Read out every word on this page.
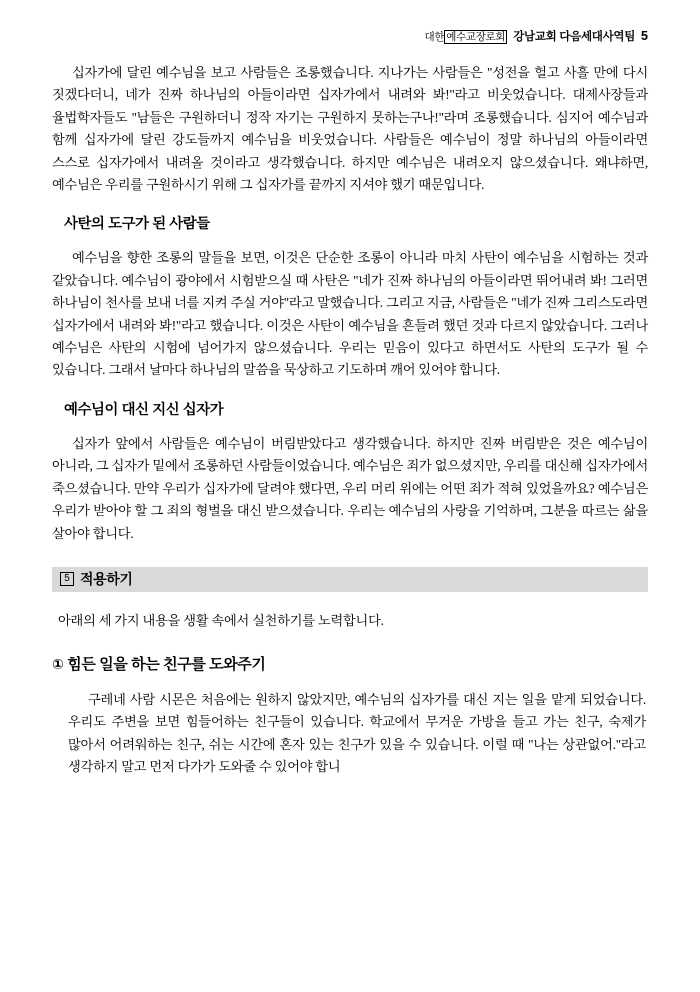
대한 예수교장로회 강남교회 다음세대사역팀 5

십자가에 달린 예수님을 보고 사람들은 조롱했습니다. 지나가는 사람들은 "성전을 헐고 사흘 만에 다시 짓겠다더니, 네가 진짜 하나님의 아들이라면 십자가에서 내려와 봐!"라고 비웃었습니다. 대제사장들과 율법학자들도 "남들은 구원하더니 정작 자기는 구원하지 못하는구나!"라며 조롱했습니다. 심지어 예수님과 함께 십자가에 달린 강도들까지 예수님을 비웃었습니다. 사람들은 예수님이 정말 하나님의 아들이라면 스스로 십자가에서 내려올 것이라고 생각했습니다. 하지만 예수님은 내려오지 않으셨습니다. 왜냐하면, 예수님은 우리를 구원하시기 위해 그 십자가를 끝까지 지셔야 했기 때문입니다.

사탄의 도구가 된 사람들

예수님을 향한 조롱의 말들을 보면, 이것은 단순한 조롱이 아니라 마치 사탄이 예수님을 시험하는 것과 같았습니다. 예수님이 광야에서 시험받으실 때 사탄은 "네가 진짜 하나님의 아들이라면 뛰어내려 봐! 그러면 하나님이 천사를 보내 너를 지켜 주실 거야"라고 말했습니다. 그리고 지금, 사람들은 "네가 진짜 그리스도라면 십자가에서 내려와 봐!"라고 했습니다. 이것은 사탄이 예수님을 흔들려 했던 것과 다르지 않았습니다. 그러나 예수님은 사탄의 시험에 넘어가지 않으셨습니다. 우리는 믿음이 있다고 하면서도 사탄의 도구가 될 수 있습니다. 그래서 날마다 하나님의 말씀을 묵상하고 기도하며 깨어 있어야 합니다.

예수님이 대신 지신 십자가

십자가 앞에서 사람들은 예수님이 버림받았다고 생각했습니다. 하지만 진짜 버림받은 것은 예수님이 아니라, 그 십자가 밑에서 조롱하던 사람들이었습니다. 예수님은 죄가 없으셨지만, 우리를 대신해 십자가에서 죽으셨습니다. 만약 우리가 십자가에 달려야 했다면, 우리 머리 위에는 어떤 죄가 적혀 있었을까요? 예수님은 우리가 받아야 할 그 죄의 형벌을 대신 받으셨습니다. 우리는 예수님의 사랑을 기억하며, 그분을 따르는 삶을 살아야 합니다.

5 적용하기

아래의 세 가지 내용을 생활 속에서 실천하기를 노력합니다.

① 힘든 일을 하는 친구를 도와주기

구레네 사람 시몬은 처음에는 원하지 않았지만, 예수님의 십자가를 대신 지는 일을 맡게 되었습니다. 우리도 주변을 보면 힘들어하는 친구들이 있습니다. 학교에서 무거운 가방을 들고 가는 친구, 숙제가 많아서 어려워하는 친구, 쉬는 시간에 혼자 있는 친구가 있을 수 있습니다. 이럴 때 "나는 상관없어."라고 생각하지 말고 먼저 다가가 도와줄 수 있어야 합니
